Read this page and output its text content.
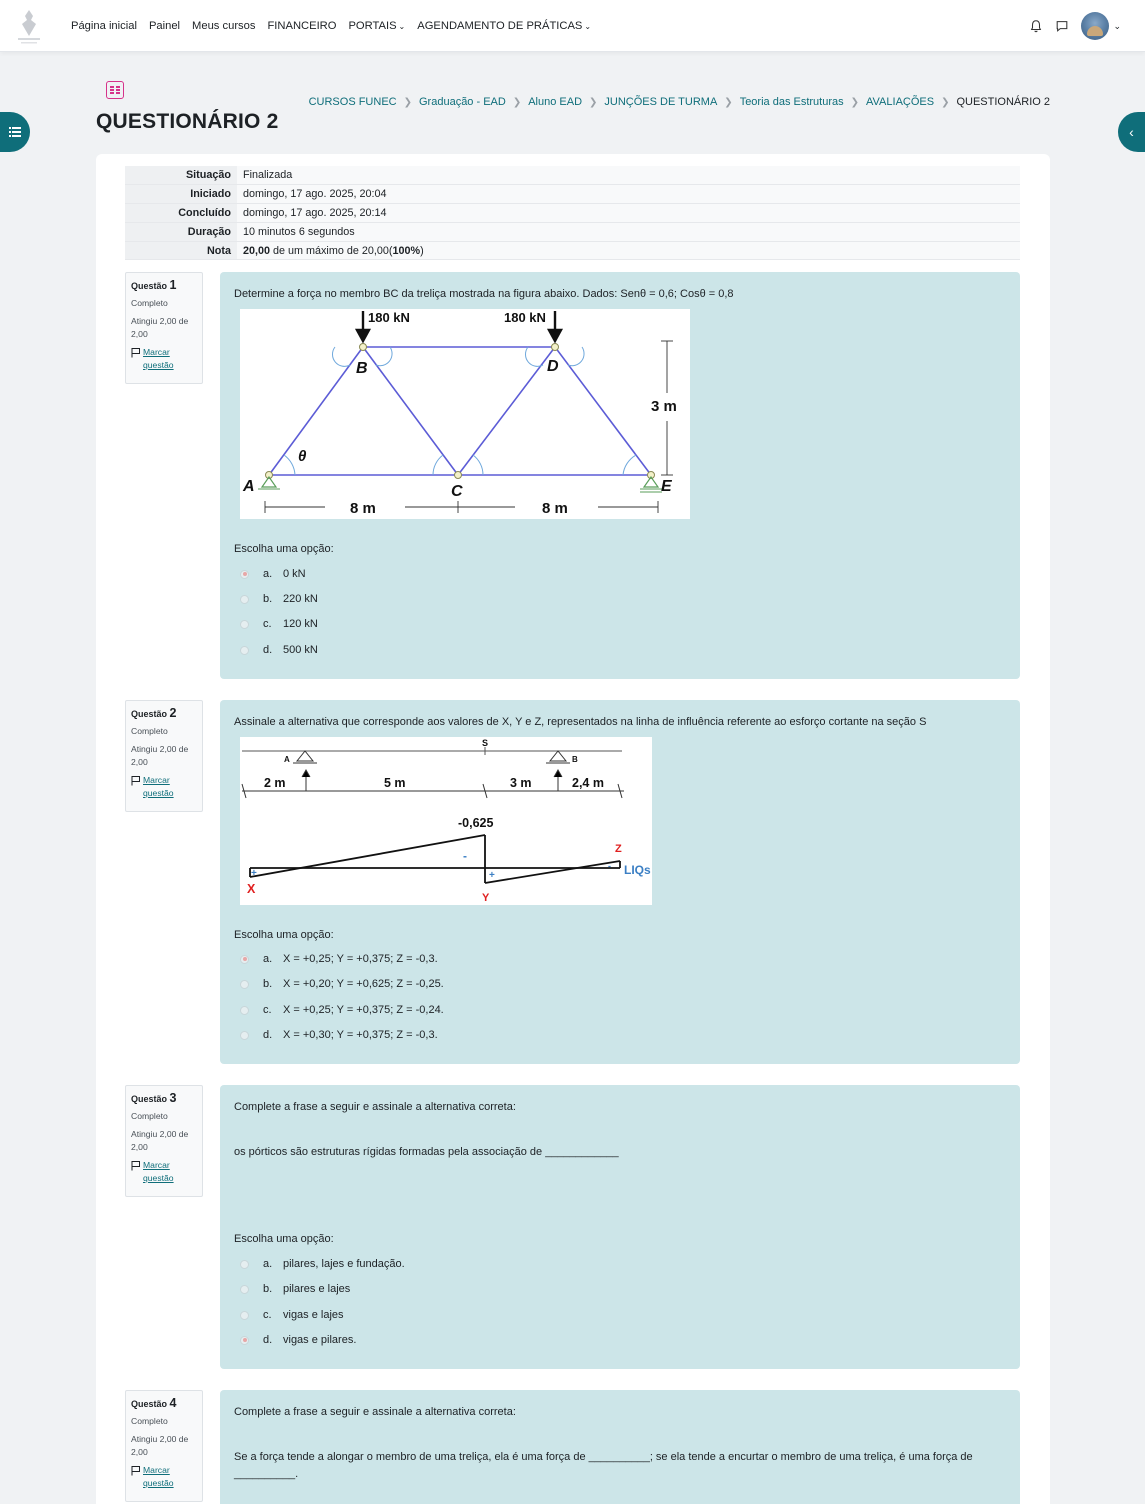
Página inicial Painel Meus cursos FINANCEIRO PORTAIS ⌄ AGENDAMENTO DE PRÁTICAS ⌄	⌄
‹
QUESTIONÁRIO 2
CURSOS FUNEC ❯ Graduação - EAD ❯ Aluno EAD ❯ JUNÇÕES DE TURMA ❯ Teoria das Estruturas ❯ AVALIAÇÕES ❯ QUESTIONÁRIO 2
Situação	Finalizada
Iniciado	domingo, 17 ago. 2025, 20:04
Concluído	domingo, 17 ago. 2025, 20:14
Duração	10 minutos 6 segundos
Nota	20,00 de um máximo de 20,00(100%)
Questão 1
Completo
Atingiu 2,00 de 2,00
Marcar questão
Determine a força no membro BC da treliça mostrada na figura abaixo. Dados: Senθ = 0,6; Cosθ = 0,8
180 kN	180 kN
A
B
C
D
E
θ
3 m
8 m	8 m
Escolha uma opção:
a. 0 kN
b. 220 kN
c.	120 kN
d. 500 kN
Questão 2
Completo
Atingiu 2,00 de 2,00
Marcar questão
Assinale a alternativa que corresponde aos valores de X, Y e Z, representados na linha de influência referente ao esforço cortante na seção S
S
A	B
2 m	5 m	3 m	2,4 m
-0,625
X
Y
Z
LIQs
+
-
+
-
Escolha uma opção:
a. X = +0,25; Y = +0,375; Z = -0,3.
b. X = +0,20; Y = +0,625; Z = -0,25.
c.	X = +0,25; Y = +0,375; Z = -0,24.
d. X = +0,30; Y = +0,375; Z = -0,3.
Questão 3
Completo
Atingiu 2,00 de 2,00
Marcar questão
Complete a frase a seguir e assinale a alternativa correta:
os pórticos são estruturas rígidas formadas pela associação de ____________
Escolha uma opção:
a. pilares, lajes e fundação.
b. pilares e lajes
c.	vigas e lajes
d. vigas e pilares.
Questão 4
Completo
Atingiu 2,00 de 2,00
Marcar questão
Complete a frase a seguir e assinale a alternativa correta:
Se a força tende a alongar o membro de uma treliça, ela é uma força de __________; se ela tende a encurtar o membro de uma treliça, é uma força de
__________.
